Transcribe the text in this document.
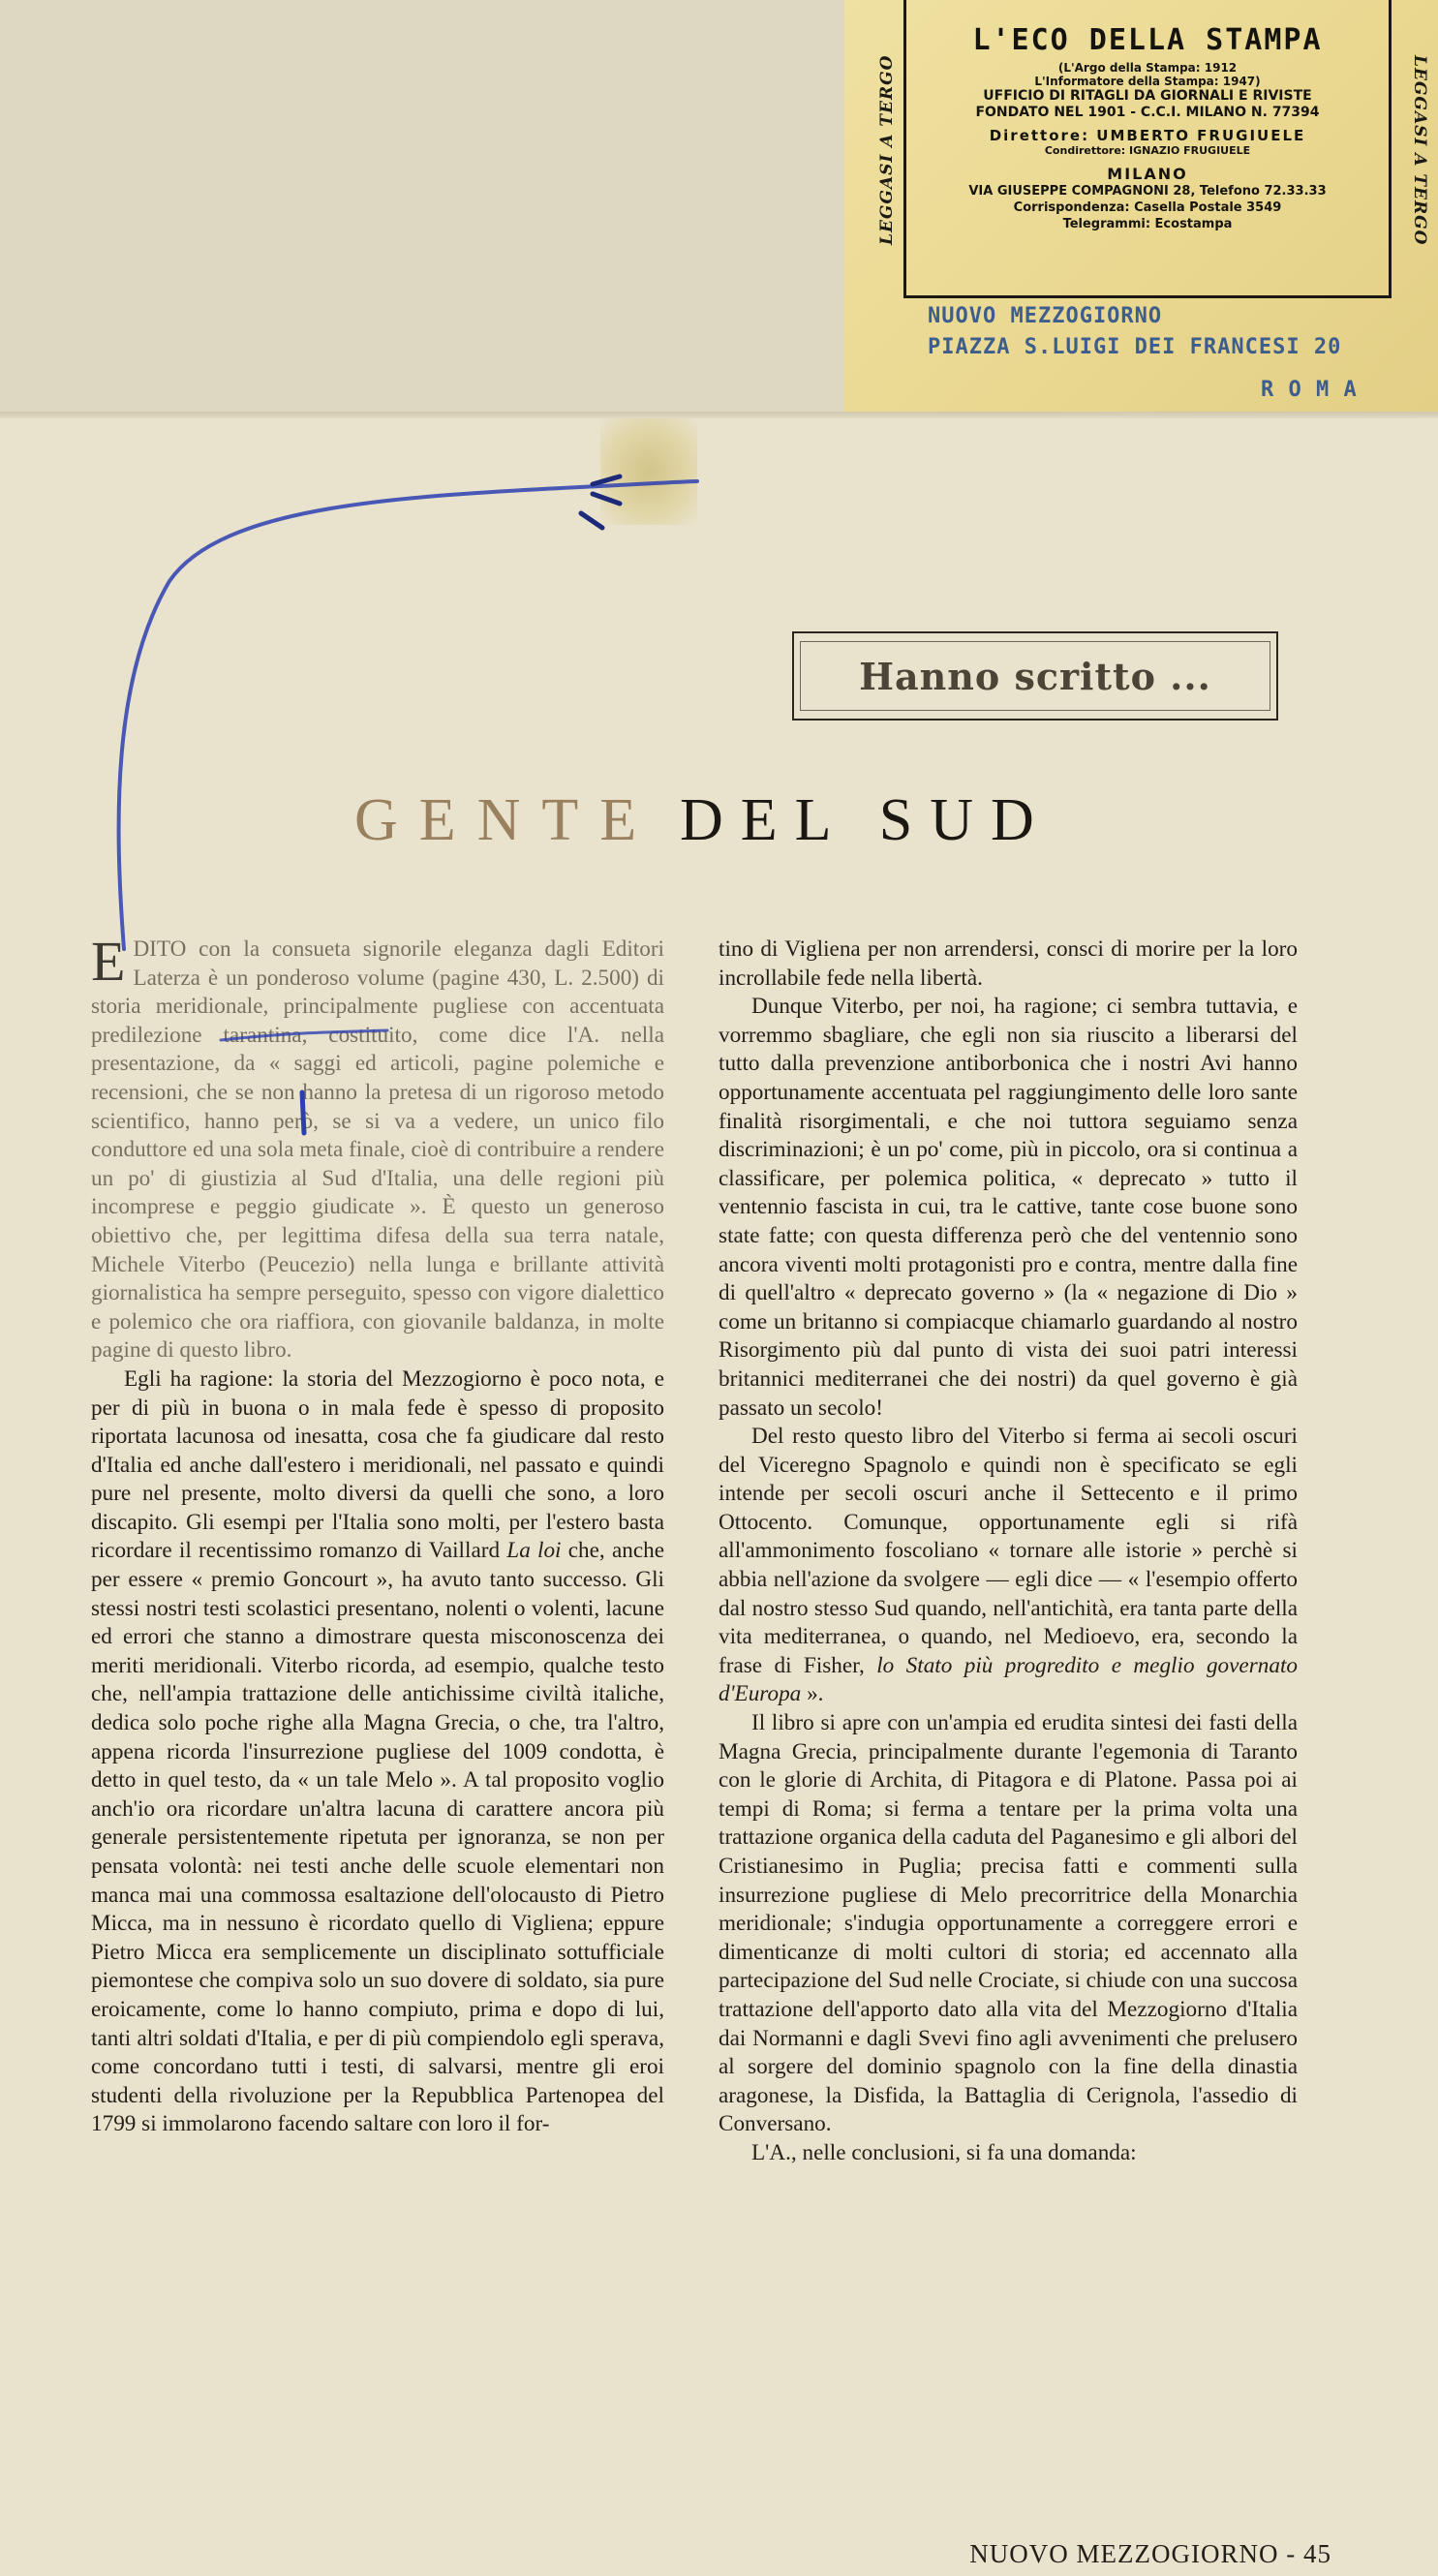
LEGGASI A TERGO	LEGGASI A TERGO
L'ECO DELLA STAMPA
(L'Argo della Stampa: 1912
L'Informatore della Stampa: 1947)
UFFICIO DI RITAGLI DA GIORNALI E RIVISTE
FONDATO NEL 1901 - C.C.I. MILANO N. 77394
Direttore: UMBERTO FRUGIUELE
Condirettore: IGNAZIO FRUGIUELE
MILANO
VIA GIUSEPPE COMPAGNONI 28, Telefono 72.33.33
Corrispondenza: Casella Postale 3549
Telegrammi: Ecostampa
NUOVO MEZZOGIORNO
PIAZZA S.LUIGI DEI FRANCESI 20
R O M A
Hanno scritto ...
GENTE DEL SUD

EDITO con la consueta signorile eleganza dagli Editori Laterza è un ponderoso volume (pagine 430, L. 2.500) di storia meridionale, principalmente pugliese con accentuata predilezione tarantina, costituito, come dice l'A. nella presentazione, da « saggi ed articoli, pagine polemiche e recensioni, che se non hanno la pretesa di un rigoroso metodo scientifico, hanno però, se si va a vedere, un unico filo conduttore ed una sola meta finale, cioè di contribuire a rendere un po' di giustizia al Sud d'Italia, una delle regioni più incomprese e peggio giudicate ». È questo un generoso obiettivo che, per legittima difesa della sua terra natale, Michele Viterbo (Peucezio) nella lunga e brillante attività giornalistica ha sempre perseguito, spesso con vigore dialettico e polemico che ora riaffiora, con giovanile baldanza, in molte pagine di questo libro.

Egli ha ragione: la storia del Mezzogiorno è poco nota, e per di più in buona o in mala fede è spesso di proposito riportata lacunosa od inesatta, cosa che fa giudicare dal resto d'Italia ed anche dall'estero i meridionali, nel passato e quindi pure nel presente, molto diversi da quelli che sono, a loro discapito. Gli esempi per l'Italia sono molti, per l'estero basta ricordare il recentissimo romanzo di Vaillard La loi che, anche per essere « premio Goncourt », ha avuto tanto successo. Gli stessi nostri testi scolastici presentano, nolenti o volenti, lacune ed errori che stanno a dimostrare questa misconoscenza dei meriti meridionali. Viterbo ricorda, ad esempio, qualche testo che, nell'ampia trattazione delle antichissime civiltà italiche, dedica solo poche righe alla Magna Grecia, o che, tra l'altro, appena ricorda l'insurrezione pugliese del 1009 condotta, è detto in quel testo, da « un tale Melo ». A tal proposito voglio anch'io ora ricordare un'altra lacuna di carattere ancora più generale persistentemente ripetuta per ignoranza, se non per pensata volontà: nei testi anche delle scuole elementari non manca mai una commossa esaltazione dell'olocausto di Pietro Micca, ma in nessuno è ricordato quello di Vigliena; eppure Pietro Micca era semplicemente un disciplinato sottufficiale piemontese che compiva solo un suo dovere di soldato, sia pure eroicamente, come lo hanno compiuto, prima e dopo di lui, tanti altri soldati d'Italia, e per di più compiendolo egli sperava, come concordano tutti i testi, di salvarsi, mentre gli eroi studenti della rivoluzione per la Repubblica Partenopea del 1799 si immolarono facendo saltare con loro il for-

tino di Vigliena per non arrendersi, consci di morire per la loro incrollabile fede nella libertà.

Dunque Viterbo, per noi, ha ragione; ci sembra tuttavia, e vorremmo sbagliare, che egli non sia riuscito a liberarsi del tutto dalla prevenzione antiborbonica che i nostri Avi hanno opportunamente accentuata pel raggiungimento delle loro sante finalità risorgimentali, e che noi tuttora seguiamo senza discriminazioni; è un po' come, più in piccolo, ora si continua a classificare, per polemica politica, « deprecato » tutto il ventennio fascista in cui, tra le cattive, tante cose buone sono state fatte; con questa differenza però che del ventennio sono ancora viventi molti protagonisti pro e contra, mentre dalla fine di quell'altro « deprecato governo » (la « negazione di Dio » come un britanno si compiacque chiamarlo guardando al nostro Risorgimento più dal punto di vista dei suoi patri interessi britannici mediterranei che dei nostri) da quel governo è già passato un secolo!

Del resto questo libro del Viterbo si ferma ai secoli oscuri del Viceregno Spagnolo e quindi non è specificato se egli intende per secoli oscuri anche il Settecento e il primo Ottocento. Comunque, opportunamente egli si rifà all'ammonimento foscoliano « tornare alle istorie » perchè si abbia nell'azione da svolgere — egli dice — « l'esempio offerto dal nostro stesso Sud quando, nell'antichità, era tanta parte della vita mediterranea, o quando, nel Medioevo, era, secondo la frase di Fisher, lo Stato più progredito e meglio governato d'Europa ».

Il libro si apre con un'ampia ed erudita sintesi dei fasti della Magna Grecia, principalmente durante l'egemonia di Taranto con le glorie di Archita, di Pitagora e di Platone. Passa poi ai tempi di Roma; si ferma a tentare per la prima volta una trattazione organica della caduta del Paganesimo e gli albori del Cristianesimo in Puglia; precisa fatti e commenti sulla insurrezione pugliese di Melo precorritrice della Monarchia meridionale; s'indugia opportunamente a correggere errori e dimenticanze di molti cultori di storia; ed accennato alla partecipazione del Sud nelle Crociate, si chiude con una succosa trattazione dell'apporto dato alla vita del Mezzogiorno d'Italia dai Normanni e dagli Svevi fino agli avvenimenti che prelusero al sorgere del dominio spagnolo con la fine della dinastia aragonese, la Disfida, la Battaglia di Cerignola, l'assedio di Conversano.

L'A., nelle conclusioni, si fa una domanda:

NUOVO MEZZOGIORNO - 45
